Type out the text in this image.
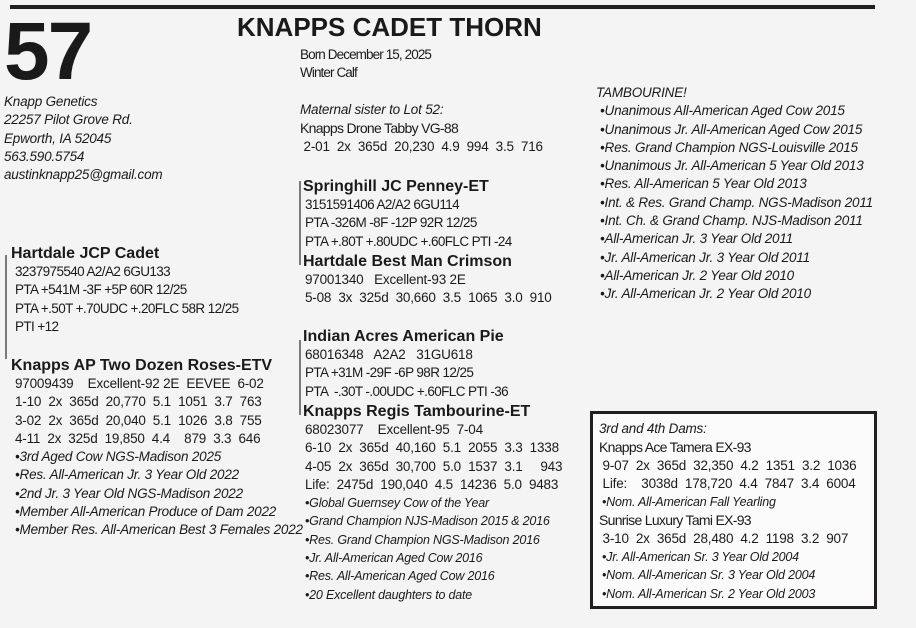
57	KNAPPS CADET THORN
Born December 15, 2025
Winter Calf
Knapp Genetics
22257 Pilot Grove Rd.
Epworth, IA 52045
563.590.5754
austinknapp25@gmail.com
Maternal sister to Lot 52:
Knapps Drone Tabby VG-88
2-01  2x  365d  20,230  4.9  994  3.5  716
Hartdale JCP Cadet
3237975540 A2/A2 6GU133
PTA +541M -3F +5P 60R 12/25
PTA +.50T +.70UDC +.20FLC 58R 12/25
PTI +12
Knapps AP Two Dozen Roses-ETV
97009439    Excellent-92 2E  EEVEE  6-02
1-10  2x  365d  20,770  5.1  1051  3.7  763
3-02  2x  365d  20,040  5.1  1026  3.8  755
4-11  2x  325d  19,850  4.4    879  3.3  646
•3rd Aged Cow NGS-Madison 2025
•Res. All-American Jr. 3 Year Old 2022
•2nd Jr. 3 Year Old NGS-Madison 2022
•Member All-American Produce of Dam 2022
•Member Res. All-American Best 3 Females 2022
Springhill JC Penney-ET
3151591406 A2/A2 6GU114
PTA -326M -8F -12P 92R 12/25
PTA +.80T +.80UDC +.60FLC PTI -24
Hartdale Best Man Crimson
97001340   Excellent-93 2E
5-08  3x  325d  30,660  3.5  1065  3.0  910
Indian Acres American Pie
68016348   A2A2   31GU618
PTA +31M -29F -6P 98R 12/25
PTA  -.30T -.00UDC +.60FLC PTI -36
Knapps Regis Tambourine-ET
68023077    Excellent-95  7-04
6-10  2x  365d  40,160  5.1  2055  3.3  1338
4-05  2x  365d  30,700  5.0  1537  3.1     943
Life:  2475d  190,040  4.5  14236  5.0  9483
•Global Guernsey Cow of the Year
•Grand Champion NJS-Madison 2015 & 2016
•Res. Grand Champion NGS-Madison 2016
•Jr. All-American Aged Cow 2016
•Res. All-American Aged Cow 2016
•20 Excellent daughters to date
TAMBOURINE!
•Unanimous All-American Aged Cow 2015
•Unanimous Jr. All-American Aged Cow 2015
•Res. Grand Champion NGS-Louisville 2015
•Unanimous Jr. All-American 5 Year Old 2013
•Res. All-American 5 Year Old 2013
•Int. & Res. Grand Champ. NGS-Madison 2011
•Int. Ch. & Grand Champ. NJS-Madison 2011
•All-American Jr. 3 Year Old 2011
•Jr. All-American Jr. 3 Year Old 2011
•All-American Jr. 2 Year Old 2010
•Jr. All-American Jr. 2 Year Old 2010
3rd and 4th Dams:
Knapps Ace Tamera EX-93
9-07  2x  365d  32,350  4.2  1351  3.2  1036
Life:    3038d  178,720  4.4  7847  3.4  6004
•Nom. All-American Fall Yearling
Sunrise Luxury Tami EX-93
3-10  2x  365d  28,480  4.2  1198  3.2  907
•Jr. All-American Sr. 3 Year Old 2004
•Nom. All-American Sr. 3 Year Old 2004
•Nom. All-American Sr. 2 Year Old 2003
